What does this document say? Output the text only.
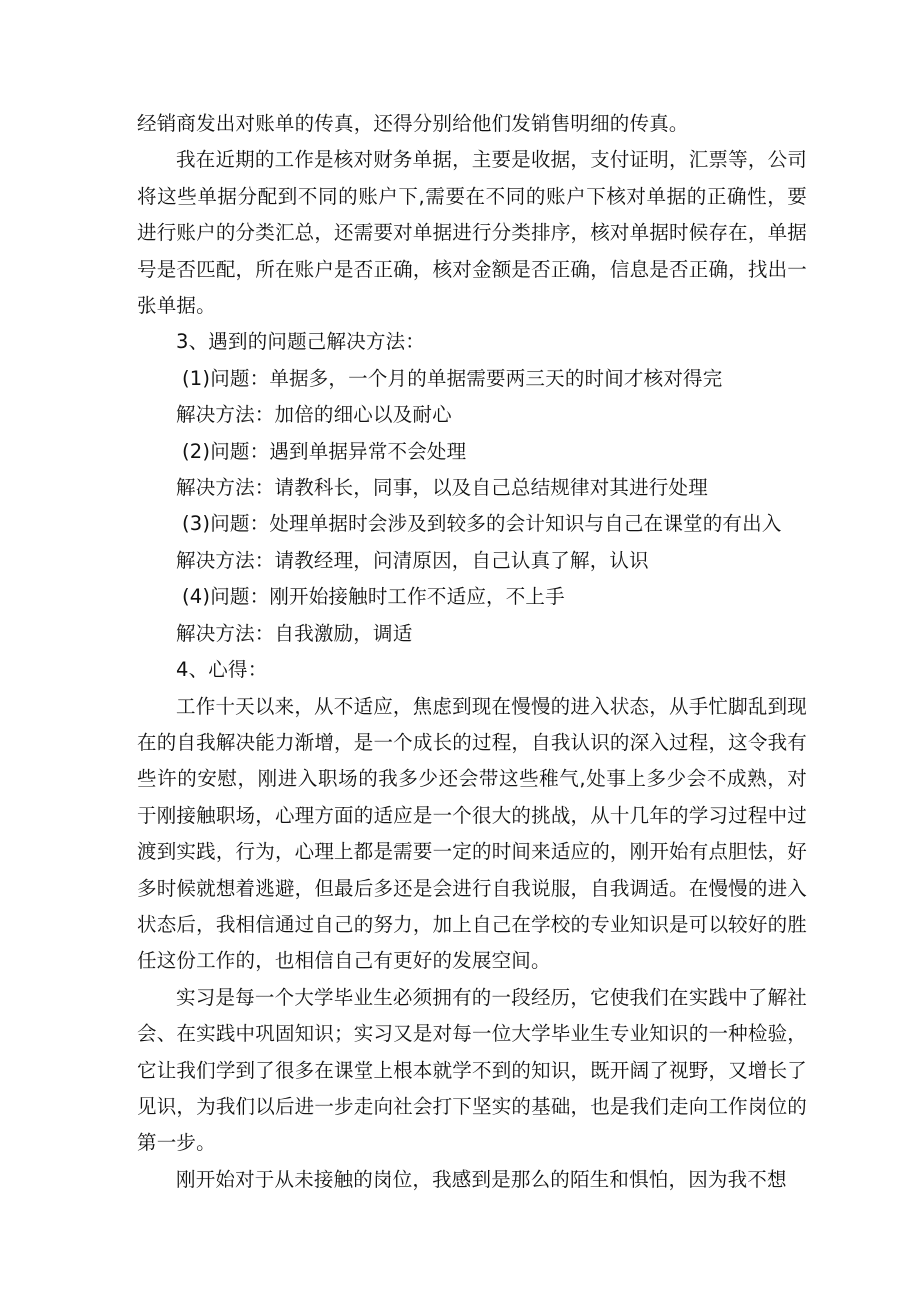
经销商发出对账单的传真，还得分别给他们发销售明细的传真。

我在近期的工作是核对财务单据，主要是收据，支付证明，汇票等，公司将这些单据分配到不同的账户下,需要在不同的账户下核对单据的正确性，要进行账户的分类汇总，还需要对单据进行分类排序，核对单据时候存在，单据号是否匹配，所在账户是否正确，核对金额是否正确，信息是否正确，找出一张单据。

3、遇到的问题己解决方法：

(1)问题：单据多，一个月的单据需要两三天的时间才核对得完

解决方法：加倍的细心以及耐心

(2)问题：遇到单据异常不会处理

解决方法：请教科长，同事，以及自己总结规律对其进行处理

(3)问题：处理单据时会涉及到较多的会计知识与自己在课堂的有出入

解决方法：请教经理，问清原因，自己认真了解，认识

(4)问题：刚开始接触时工作不适应，不上手

解决方法：自我激励，调适

4、心得：

工作十天以来，从不适应，焦虑到现在慢慢的进入状态，从手忙脚乱到现在的自我解决能力渐增，是一个成长的过程，自我认识的深入过程，这令我有些许的安慰，刚进入职场的我多少还会带这些稚气,处事上多少会不成熟，对于刚接触职场，心理方面的适应是一个很大的挑战，从十几年的学习过程中过渡到实践，行为，心理上都是需要一定的时间来适应的，刚开始有点胆怯，好多时候就想着逃避，但最后多还是会进行自我说服，自我调适。在慢慢的进入状态后，我相信通过自己的努力，加上自己在学校的专业知识是可以较好的胜任这份工作的，也相信自己有更好的发展空间。

实习是每一个大学毕业生必须拥有的一段经历，它使我们在实践中了解社会、在实践中巩固知识；实习又是对每一位大学毕业生专业知识的一种检验，它让我们学到了很多在课堂上根本就学不到的知识，既开阔了视野，又增长了见识，为我们以后进一步走向社会打下坚实的基础，也是我们走向工作岗位的第一步。

刚开始对于从未接触的岗位，我感到是那么的陌生和惧怕，因为我不想
